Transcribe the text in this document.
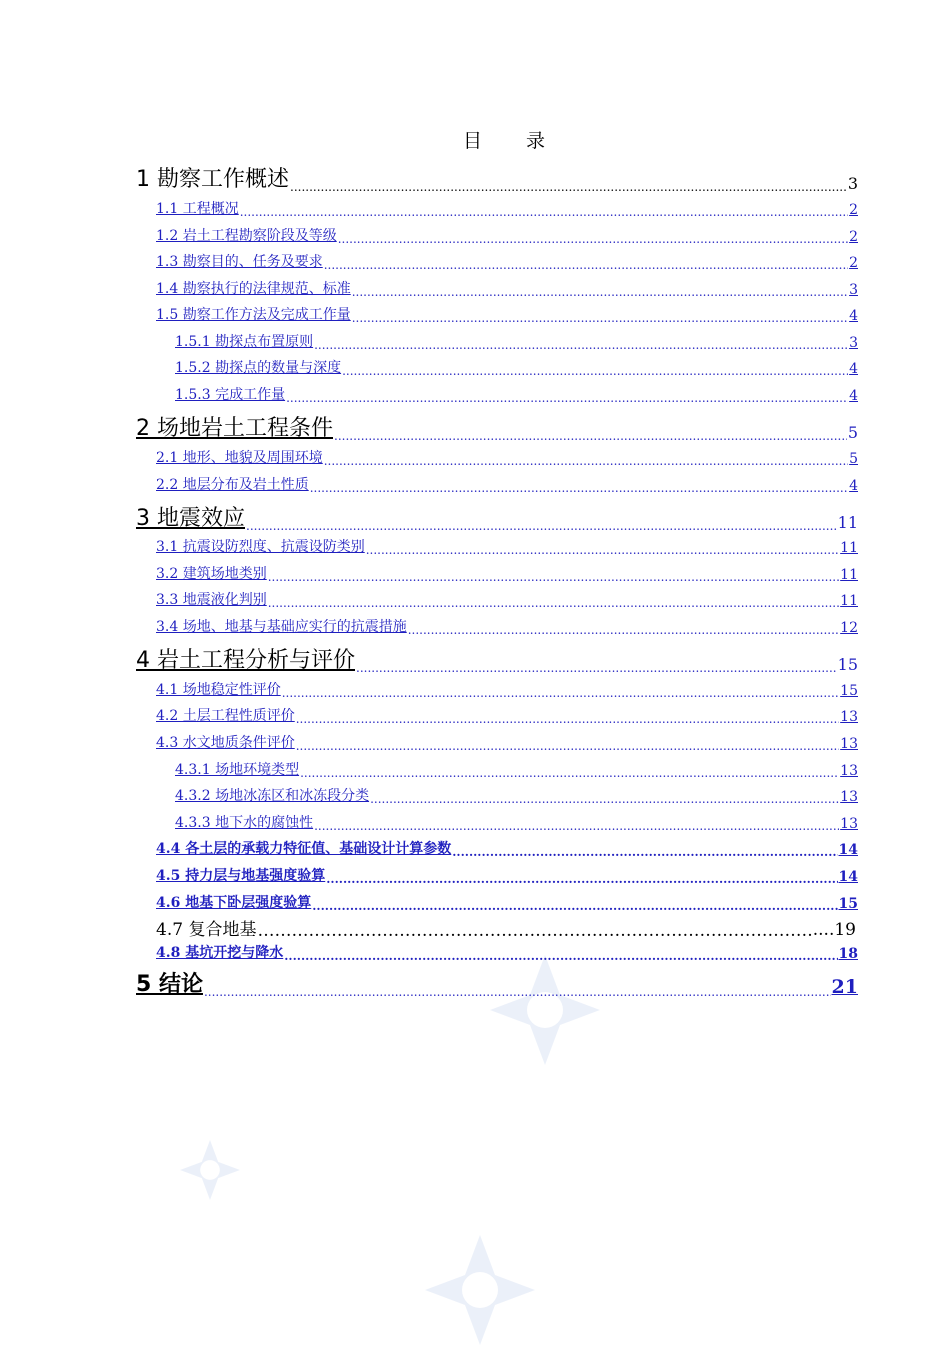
目　　录
1 勘察工作概述 .....	3
1.1 工程概况 .....	2
1.2 岩土工程勘察阶段及等级 .....	2
1.3 勘察目的、任务及要求 .....	2
1.4 勘察执行的法律规范、标准 .....	3
1.5 勘察工作方法及完成工作量 .....	4
1.5.1 勘探点布置原则 .....	3
1.5.2 勘探点的数量与深度 .....	4
1.5.3 完成工作量 .....	4
2 场地岩土工程条件 .....	5
2.1 地形、地貌及周围环境 .....	5
2.2 地层分布及岩土性质 .....	4
3 地震效应 .....	11
3.1 抗震设防烈度、抗震设防类别 .....	11
3.2 建筑场地类别 .....	11
3.3 地震液化判别 .....	11
3.4 场地、地基与基础应实行的抗震措施 .....	12
4 岩土工程分析与评价 .....	15
4.1 场地稳定性评价 .....	15
4.2 土层工程性质评价 .....	13
4.3 水文地质条件评价 .....	13
4.3.1 场地环境类型 .....	13
4.3.2 场地冰冻区和冰冻段分类 .....	13
4.3.3 地下水的腐蚀性 .....	13
4.4 各土层的承载力特征值、基础设计计算参数 .....	14
4.5 持力层与地基强度验算 .....	14
4.6 地基下卧层强度验算 .....	15
4.7 复合地基 …………………………………………………………………………………………………………………………	....19
4.8 基坑开挖与降水 .....	18
5 结论 .....	21
